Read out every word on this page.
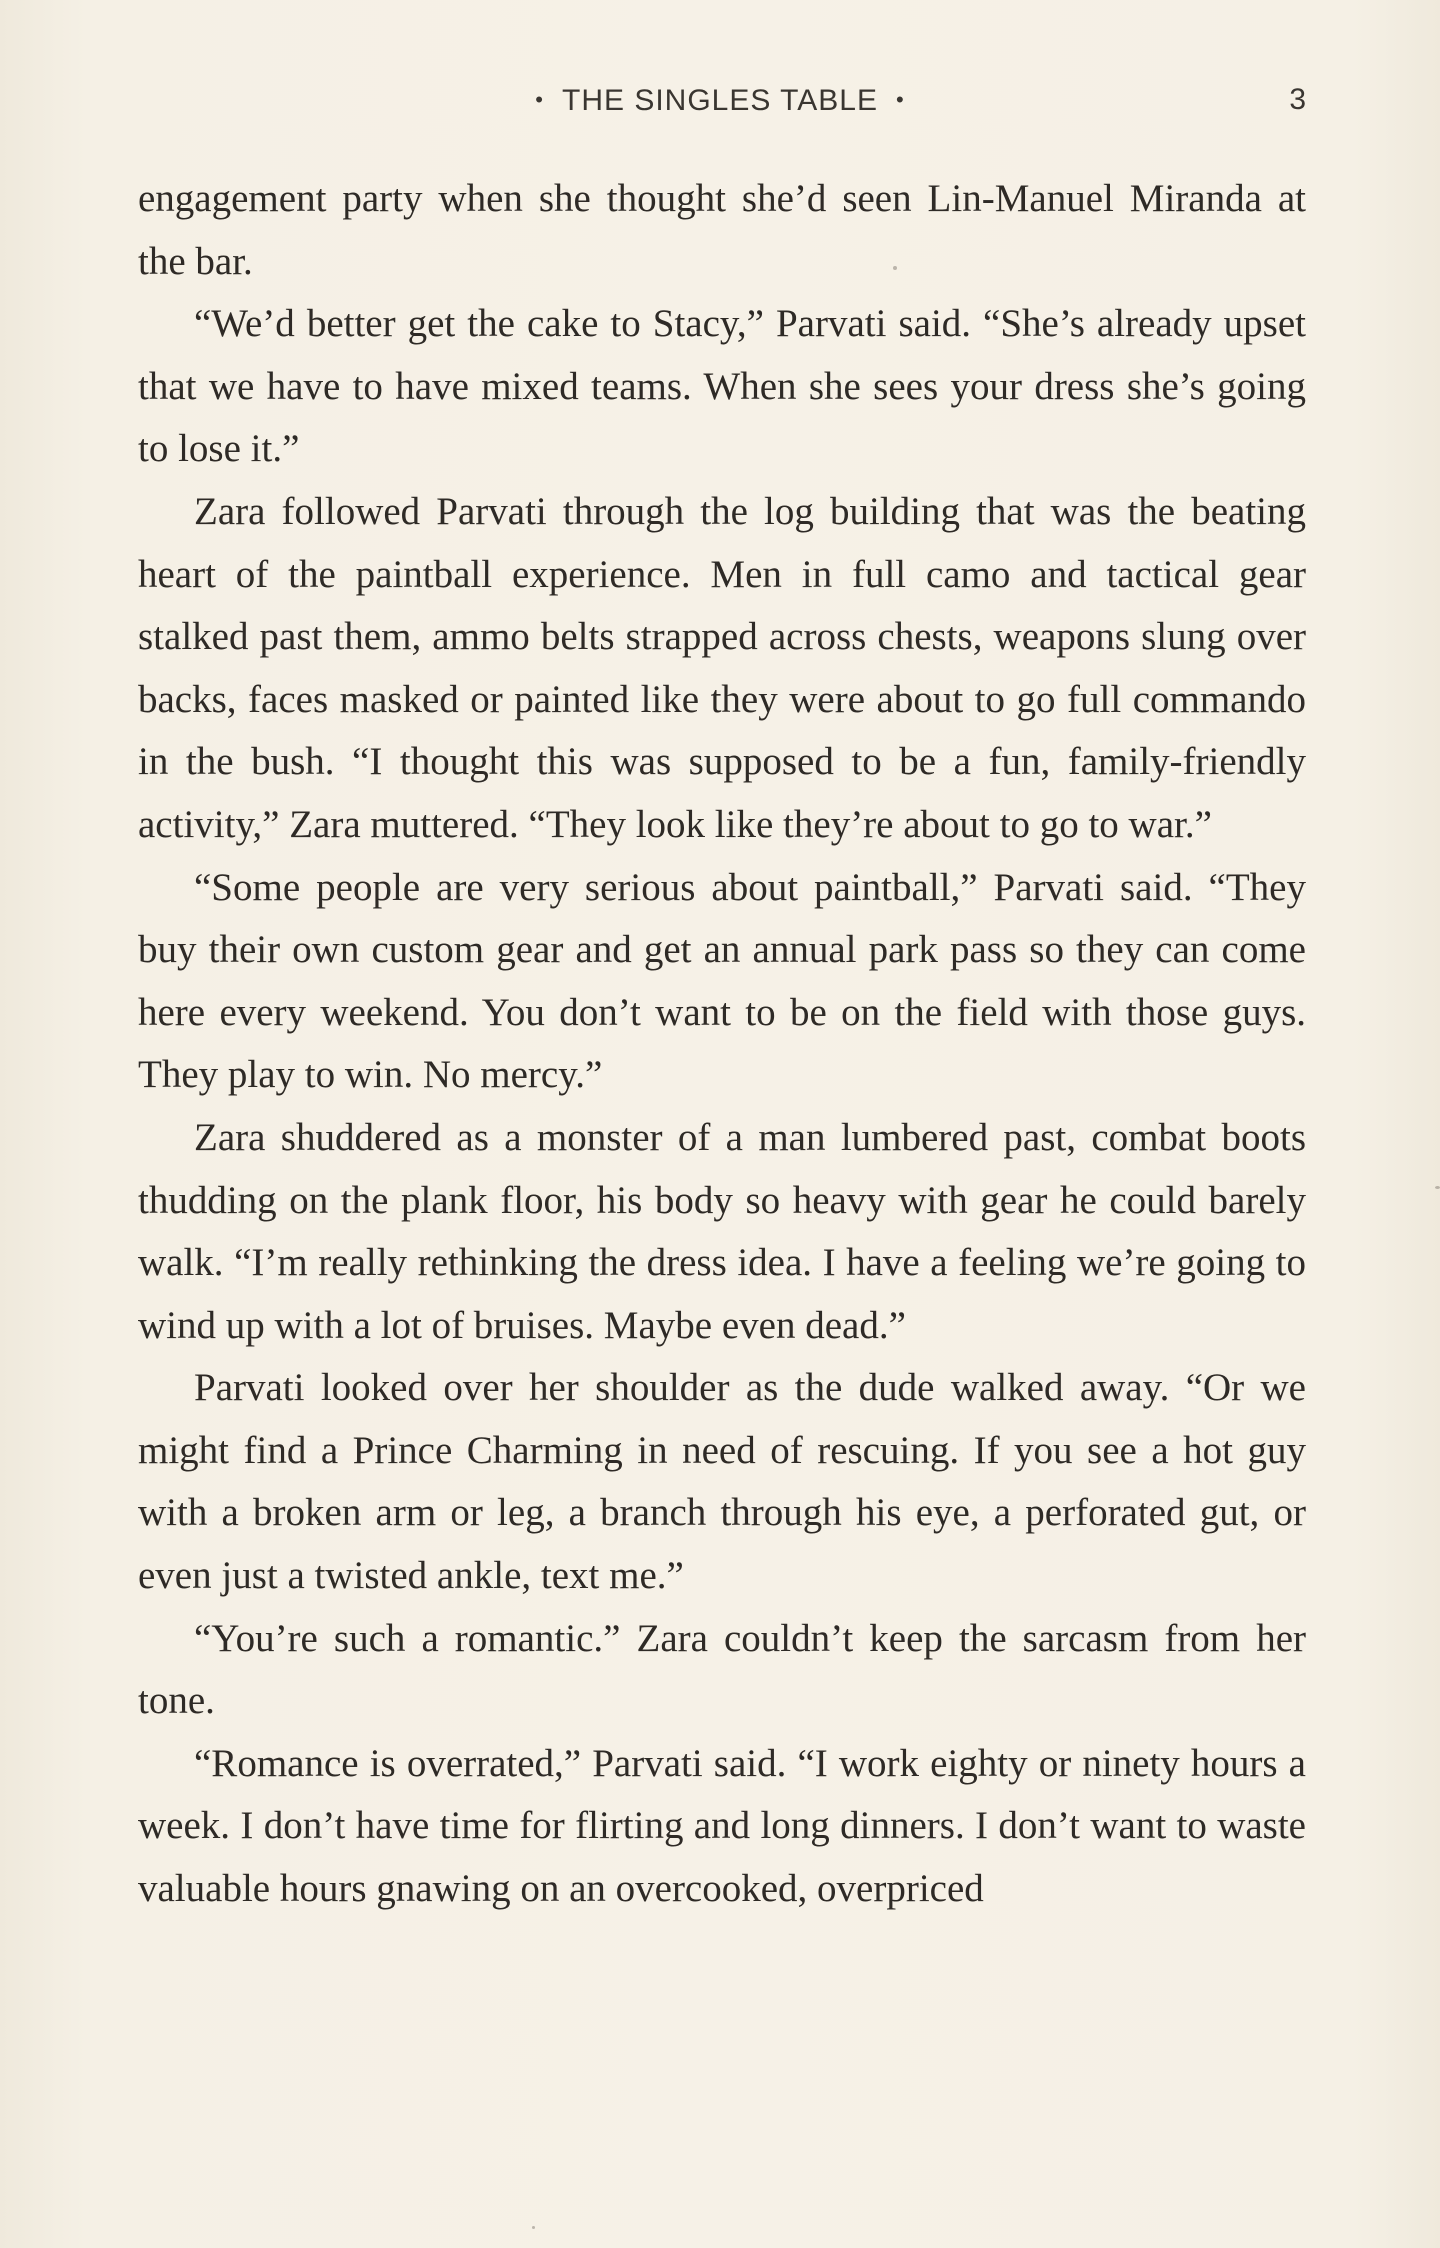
• THE SINGLES TABLE •	3

engagement party when she thought she’d seen Lin-Manuel Miranda at the bar.

“We’d better get the cake to Stacy,” Parvati said. “She’s already upset that we have to have mixed teams. When she sees your dress she’s going to lose it.”

Zara followed Parvati through the log building that was the beating heart of the paintball experience. Men in full camo and tactical gear stalked past them, ammo belts strapped across chests, weapons slung over backs, faces masked or painted like they were about to go full commando in the bush. “I thought this was supposed to be a fun, family-friendly activity,” Zara muttered. “They look like they’re about to go to war.”

“Some people are very serious about paintball,” Parvati said. “They buy their own custom gear and get an annual park pass so they can come here every weekend. You don’t want to be on the field with those guys. They play to win. No mercy.”

Zara shuddered as a monster of a man lumbered past, combat boots thudding on the plank floor, his body so heavy with gear he could barely walk. “I’m really rethinking the dress idea. I have a feeling we’re going to wind up with a lot of bruises. Maybe even dead.”

Parvati looked over her shoulder as the dude walked away. “Or we might find a Prince Charming in need of rescuing. If you see a hot guy with a broken arm or leg, a branch through his eye, a perforated gut, or even just a twisted ankle, text me.”

“You’re such a romantic.” Zara couldn’t keep the sarcasm from her tone.

“Romance is overrated,” Parvati said. “I work eighty or ninety hours a week. I don’t have time for flirting and long dinners. I don’t want to waste valuable hours gnawing on an overcooked, overpriced
